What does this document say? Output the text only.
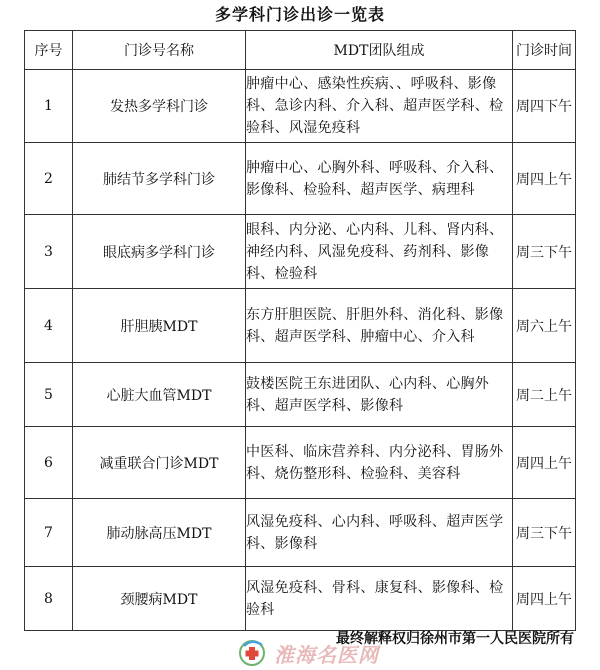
多学科门诊出诊一览表
序号	门诊号名称	MDT团队组成	门诊时间
1	发热多学科门诊	肿瘤中心、感染性疾病、、呼吸科、影像科、急诊内科、介入科、超声医学科、检验科、风湿免疫科	周四下午
2	肺结节多学科门诊	肿瘤中心、心胸外科、呼吸科、介入科、影像科、检验科、超声医学、病理科	周四上午
3	眼底病多学科门诊	眼科、内分泌、心内科、儿科、肾内科、神经内科、风湿免疫科、药剂科、影像科、检验科	周三下午
4	肝胆胰MDT	东方肝胆医院、肝胆外科、消化科、影像科、超声医学科、肿瘤中心、介入科	周六上午
5	心脏大血管MDT	鼓楼医院王东进团队、心内科、心胸外科、超声医学科、影像科	周二上午
6	减重联合门诊MDT	中医科、临床营养科、内分泌科、胃肠外科、烧伤整形科、检验科、美容科	周四上午
7	肺动脉高压MDT	风湿免疫科、心内科、呼吸科、超声医学科、影像科	周三下午
8	颈腰病MDT	风湿免疫科、骨科、康复科、影像科、检验科	周四上午
最终解释权归徐州市第一人民医院所有
淮海名医网
